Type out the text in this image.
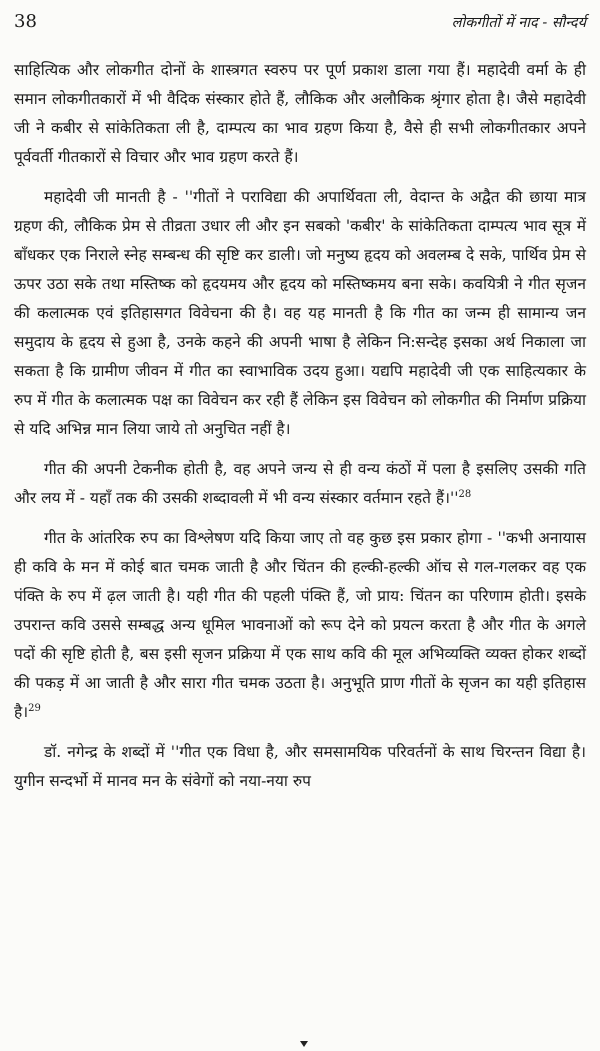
38	लोकगीतों में नाद - सौन्दर्य

साहित्यिक और लोकगीत दोनों के शास्त्रगत स्वरुप पर पूर्ण प्रकाश डाला गया हैं। महादेवी वर्मा के ही समान लोकगीतकारों में भी वैदिक संस्कार होते हैं, लौकिक और अलौकिक श्रृंगार होता है। जैसे महादेवी जी ने कबीर से सांकेतिकता ली है, दाम्पत्य का भाव ग्रहण किया है, वैसे ही सभी लोकगीतकार अपने पूर्ववर्ती गीतकारों से विचार और भाव ग्रहण करते हैं।

महादेवी जी मानती है - ''गीतों ने पराविद्या की अपार्थिवता ली, वेदान्त के अद्वैत की छाया मात्र ग्रहण की, लौकिक प्रेम से तीव्रता उधार ली और इन सबको 'कबीर' के सांकेतिकता दाम्पत्य भाव सूत्र में बाँधकर एक निराले स्नेह सम्बन्ध की सृष्टि कर डाली। जो मनुष्य हृदय को अवलम्ब दे सके, पार्थिव प्रेम से ऊपर उठा सके तथा मस्तिष्क को हृदयमय और हृदय को मस्तिष्कमय बना सके। कवयित्री ने गीत सृजन की कलात्मक एवं इतिहासगत विवेचना की है। वह यह मानती है कि गीत का जन्म ही सामान्य जन समुदाय के हृदय से हुआ है, उनके कहने की अपनी भाषा है लेकिन नि:सन्देह इसका अर्थ निकाला जा सकता है कि ग्रामीण जीवन में गीत का स्वाभाविक उदय हुआ। यद्यपि महादेवी जी एक साहित्यकार के रुप में गीत के कलात्मक पक्ष का विवेचन कर रही हैं लेकिन इस विवेचन को लोकगीत की निर्माण प्रक्रिया से यदि अभिन्न मान लिया जाये तो अनुचित नहीं है।

गीत की अपनी टेकनीक होती है, वह अपने जन्य से ही वन्य कंठों में पला है इसलिए उसकी गति और लय में - यहाँ तक की उसकी शब्दावली में भी वन्य संस्कार वर्तमान रहते हैं।''$^{28}$

गीत के आंतरिक रुप का विश्लेषण यदि किया जाए तो वह कुछ इस प्रकार होगा - ''कभी अनायास ही कवि के मन में कोई बात चमक जाती है और चिंतन की हल्की-हल्की ऑच से गल-गलकर वह एक पंक्ति के रुप में ढ़ल जाती है। यही गीत की पहली पंक्ति हैं, जो प्राय: चिंतन का परिणाम होती। इसके उपरान्त कवि उससे सम्बद्ध अन्य धूमिल भावनाओं को रूप देने को प्रयत्न करता है और गीत के अगले पदों की सृष्टि होती है, बस इसी सृजन प्रक्रिया में एक साथ कवि की मूल अभिव्यक्ति व्यक्त होकर शब्दों की पकड़ में आ जाती है और सारा गीत चमक उठता है। अनुभूति प्राण गीतों के सृजन का यही इतिहास है।$^{29}$

डॉ. नगेन्द्र के शब्दों में ''गीत एक विधा है, और समसामयिक परिवर्तनों के साथ चिरन्तन विद्या है। युगीन सन्दर्भो में मानव मन के संवेगों को नया-नया रुप
